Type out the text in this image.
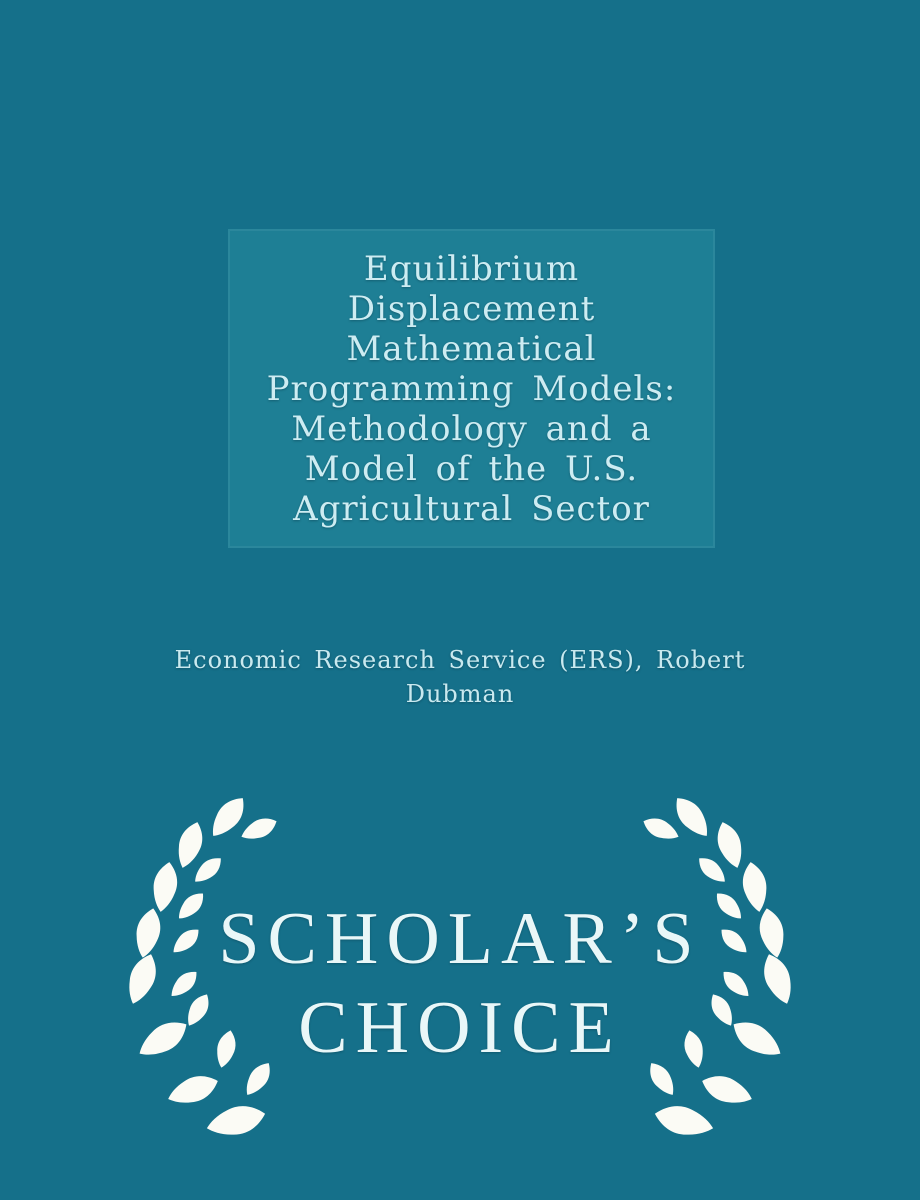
Equilibrium
Displacement
Mathematical
Programming Models:
Methodology and a
Model of the U.S.
Agricultural Sector
Economic Research Service (ERS), Robert
Dubman
SCHOLAR’S
CHOICE
